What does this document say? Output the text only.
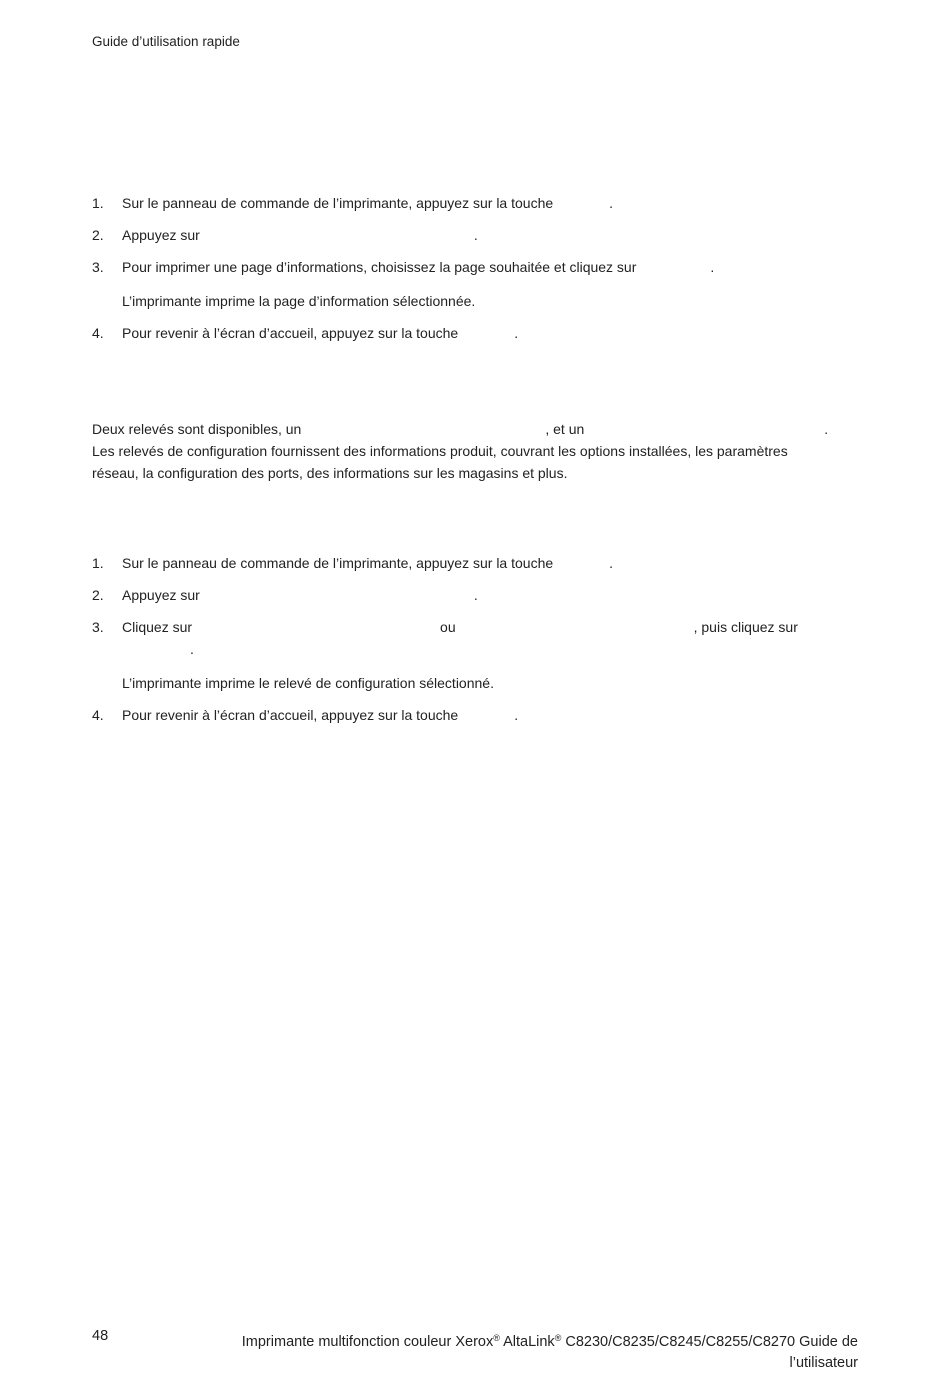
Guide d’utilisation rapide
1. Sur le panneau de commande de l’imprimante, appuyez sur la touche	.
2. Appuyez sur	.
3. Pour imprimer une page d’informations, choisissez la page souhaitée et cliquez sur	.
L’imprimante imprime la page d’information sélectionnée.
4. Pour revenir à l’écran d’accueil, appuyez sur la touche	.
Deux relevés sont disponibles, un	, et un	.
Les relevés de configuration fournissent des informations produit, couvrant les options installées, les paramètres
réseau, la configuration des ports, des informations sur les magasins et plus.
1. Sur le panneau de commande de l’imprimante, appuyez sur la touche	.
2. Appuyez sur	.
3. Cliquez sur	ou	, puis cliquez sur
.
L’imprimante imprime le relevé de configuration sélectionné.
4. Pour revenir à l’écran d’accueil, appuyez sur la touche	.
48	Imprimante multifonction couleur Xerox® AltaLink® C8230/C8235/C8245/C8255/C8270 Guide de
l’utilisateur
